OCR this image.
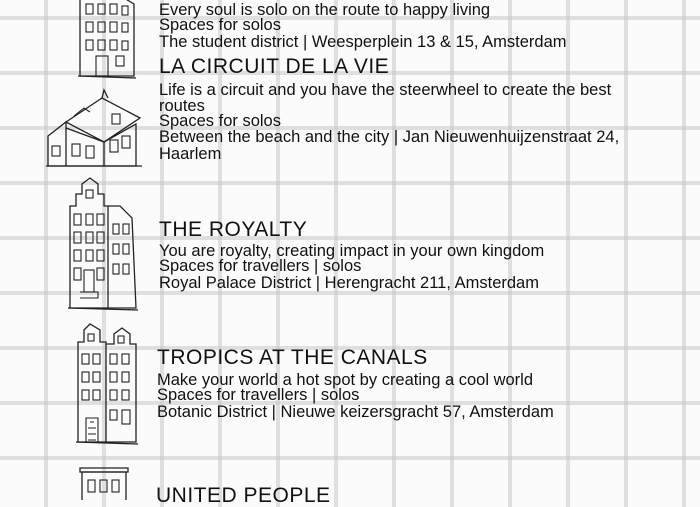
Every soul is solo on the route to happy living
Spaces for solos
The student district | Weesperplein 13 & 15, Amsterdam
LA CIRCUIT DE LA VIE
Life is a circuit and you have the steerwheel to create the best routes
Spaces for solos
Between the beach and the city | Jan Nieuwenhuijzenstraat 24, Haarlem
THE ROYALTY
You are royalty, creating impact in your own kingdom
Spaces for travellers | solos
Royal Palace District | Herengracht 211, Amsterdam
TROPICS AT THE CANALS
Make your world a hot spot by creating a cool world
Spaces for travellers | solos
Botanic District | Nieuwe keizersgracht 57, Amsterdam
UNITED PEOPLE
